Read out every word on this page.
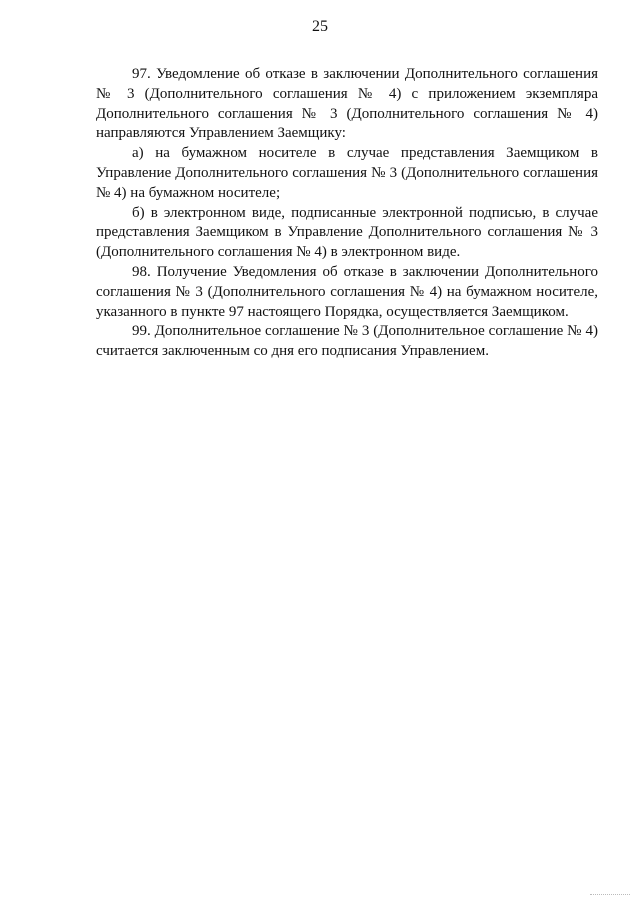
25

97. Уведомление об отказе в заключении Дополнительного соглашения № 3 (Дополнительного соглашения № 4) с приложением экземпляра Дополнительного соглашения № 3 (Дополнительного соглашения № 4) направляются Управлением Заемщику:

а) на бумажном носителе в случае представления Заемщиком в Управление Дополнительного соглашения № 3 (Дополнительного соглашения № 4) на бумажном носителе;

б) в электронном виде, подписанные электронной подписью, в случае представления Заемщиком в Управление Дополнительного соглашения № 3 (Дополнительного соглашения № 4) в электронном виде.

98. Получение Уведомления об отказе в заключении Дополнительного соглашения № 3 (Дополнительного соглашения № 4) на бумажном носителе, указанного в пункте 97 настоящего Порядка, осуществляется Заемщиком.

99. Дополнительное соглашение № 3 (Дополнительное соглашение № 4) считается заключенным со дня его подписания Управлением.
